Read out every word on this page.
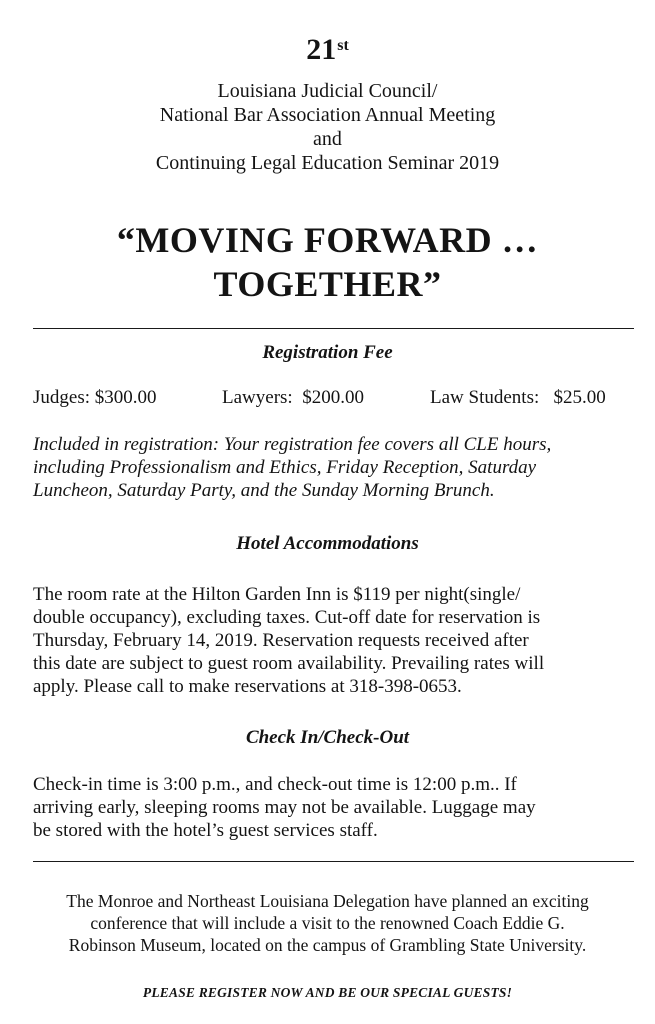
21st
Louisiana Judicial Council/
National Bar Association Annual Meeting
and
Continuing Legal Education Seminar 2019
“MOVING FORWARD …
TOGETHER”
Registration Fee
Judges: $300.00	Lawyers: $200.00	Law Students: $25.00
Included in registration: Your registration fee covers all CLE hours,
including Professionalism and Ethics, Friday Reception, Saturday
Luncheon, Saturday Party, and the Sunday Morning Brunch.
Hotel Accommodations
The room rate at the Hilton Garden Inn is $119 per night(single/
double occupancy), excluding taxes. Cut-off date for reservation is
Thursday, February 14, 2019. Reservation requests received after
this date are subject to guest room availability. Prevailing rates will
apply. Please call to make reservations at 318-398-0653.
Check In/Check-Out
Check-in time is 3:00 p.m., and check-out time is 12:00 p.m.. If
arriving early, sleeping rooms may not be available. Luggage may
be stored with the hotel’s guest services staff.
The Monroe and Northeast Louisiana Delegation have planned an exciting
conference that will include a visit to the renowned Coach Eddie G.
Robinson Museum, located on the campus of Grambling State University.
PLEASE REGISTER NOW AND BE OUR SPECIAL GUESTS!
